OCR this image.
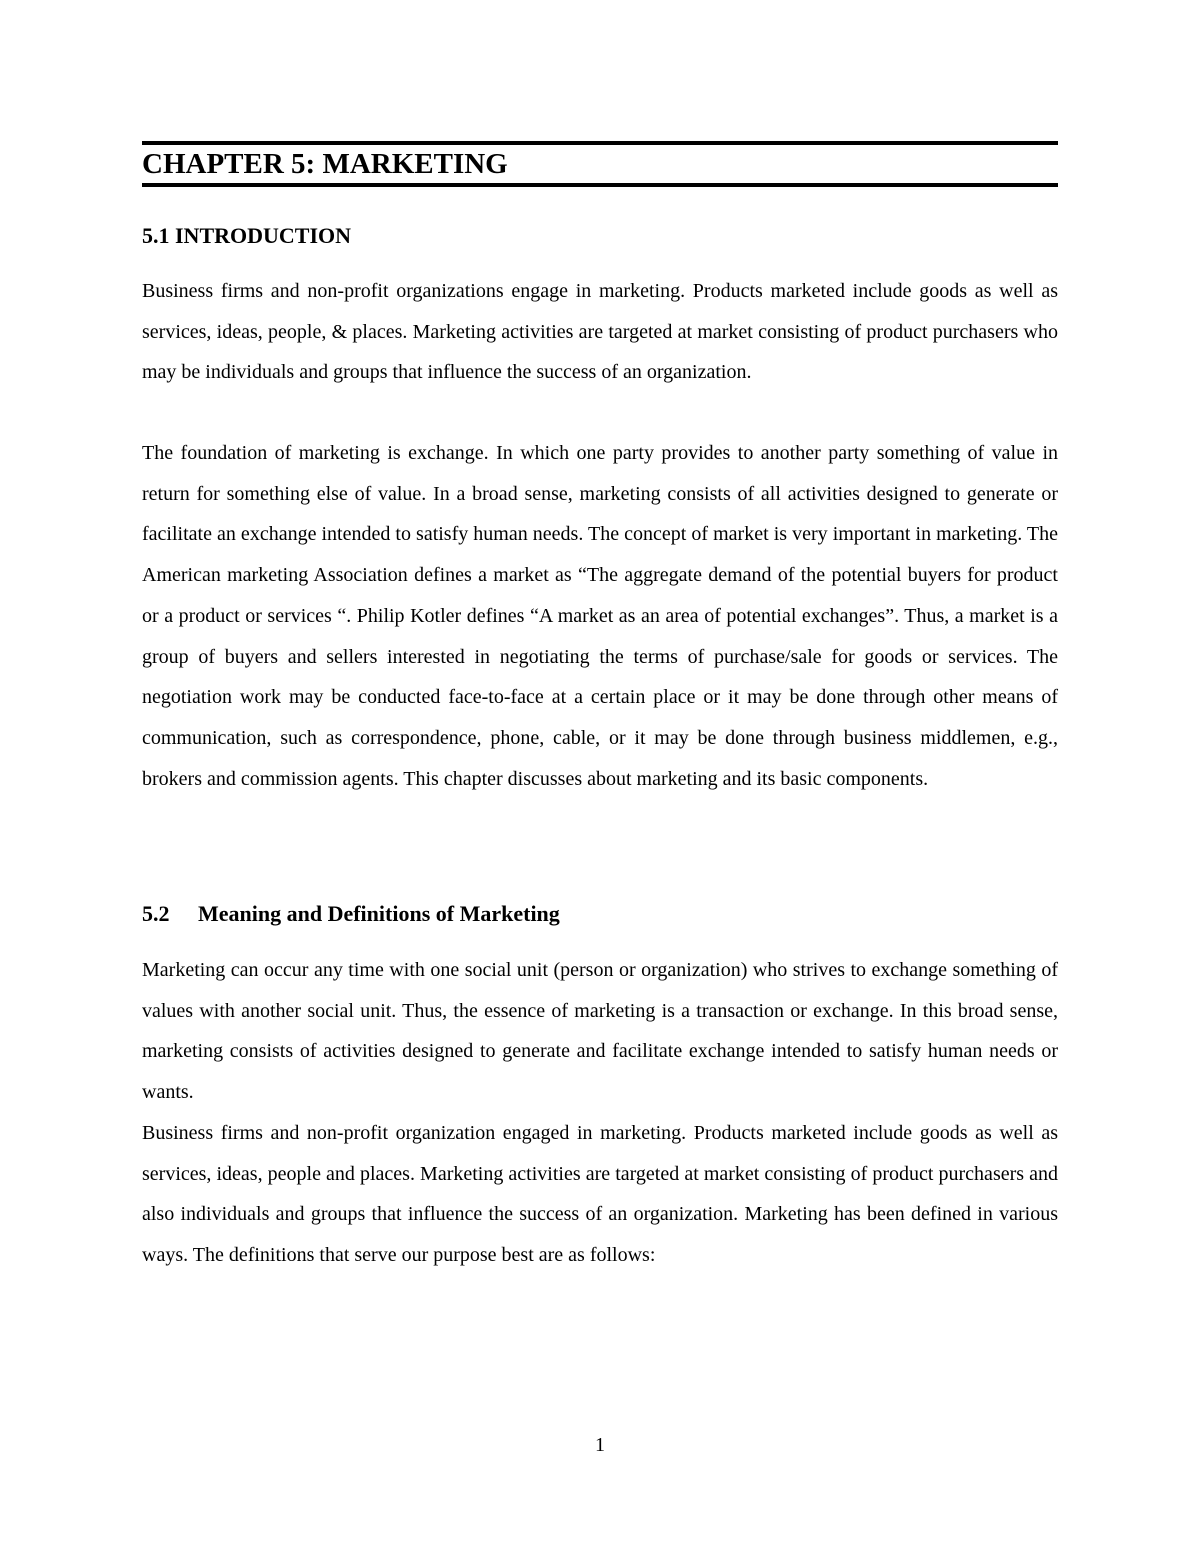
CHAPTER 5: MARKETING
5.1 INTRODUCTION

Business firms and non-profit organizations engage in marketing. Products marketed include goods as well as services, ideas, people, & places. Marketing activities are targeted at market consisting of product purchasers who may be individuals and groups that influence the success of an organization.

The foundation of marketing is exchange. In which one party provides to another party something of value in return for something else of value. In a broad sense, marketing consists of all activities designed to generate or facilitate an exchange intended to satisfy human needs. The concept of market is very important in marketing. The American marketing Association defines a market as “The aggregate demand of the potential buyers for product or a product or services “. Philip Kotler defines “A market as an area of potential exchanges”. Thus, a market is a group of buyers and sellers interested in negotiating the terms of purchase/sale for goods or services. The negotiation work may be conducted face-to-face at a certain place or it may be done through other means of communication, such as correspondence, phone, cable, or it may be done through business middlemen, e.g., brokers and commission agents. This chapter discusses about marketing and its basic components.

5.2 Meaning and Definitions of Marketing

Marketing can occur any time with one social unit (person or organization) who strives to exchange something of values with another social unit. Thus, the essence of marketing is a transaction or exchange. In this broad sense, marketing consists of activities designed to generate and facilitate exchange intended to satisfy human needs or wants.

Business firms and non-profit organization engaged in marketing. Products marketed include goods as well as services, ideas, people and places. Marketing activities are targeted at market consisting of product purchasers and also individuals and groups that influence the success of an organization. Marketing has been defined in various ways. The definitions that serve our purpose best are as follows:

1
